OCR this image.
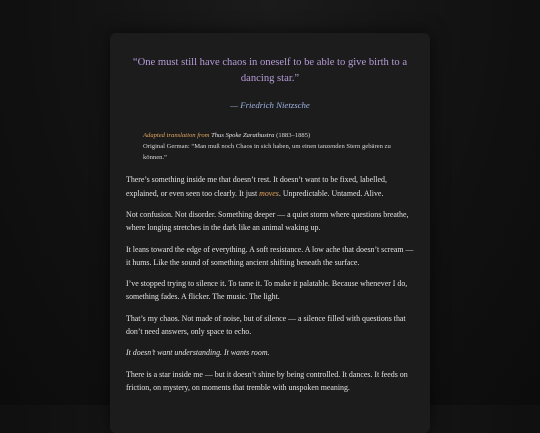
“One must still have chaos in oneself to be able to give birth to a dancing star.”
— Friedrich Nietzsche
Adapted translation from Thus Spoke Zarathustra (1883–1885)
Original German: “Man muß noch Chaos in sich haben, um einen tanzenden Stern gebären zu können.”

There’s something inside me that doesn’t rest. It doesn’t want to be fixed, labelled, explained, or even seen too clearly. It just moves. Unpredictable. Untamed. Alive.

Not confusion. Not disorder. Something deeper — a quiet storm where questions breathe, where longing stretches in the dark like an animal waking up.

It leans toward the edge of everything. A soft resistance. A low ache that doesn’t scream — it hums. Like the sound of something ancient shifting beneath the surface.

I’ve stopped trying to silence it. To tame it. To make it palatable. Because whenever I do, something fades. A flicker. The music. The light.

That’s my chaos. Not made of noise, but of silence — a silence filled with questions that don’t need answers, only space to echo.

It doesn’t want understanding. It wants room.

There is a star inside me — but it doesn’t shine by being controlled. It dances. It feeds on friction, on mystery, on moments that tremble with unspoken meaning.
